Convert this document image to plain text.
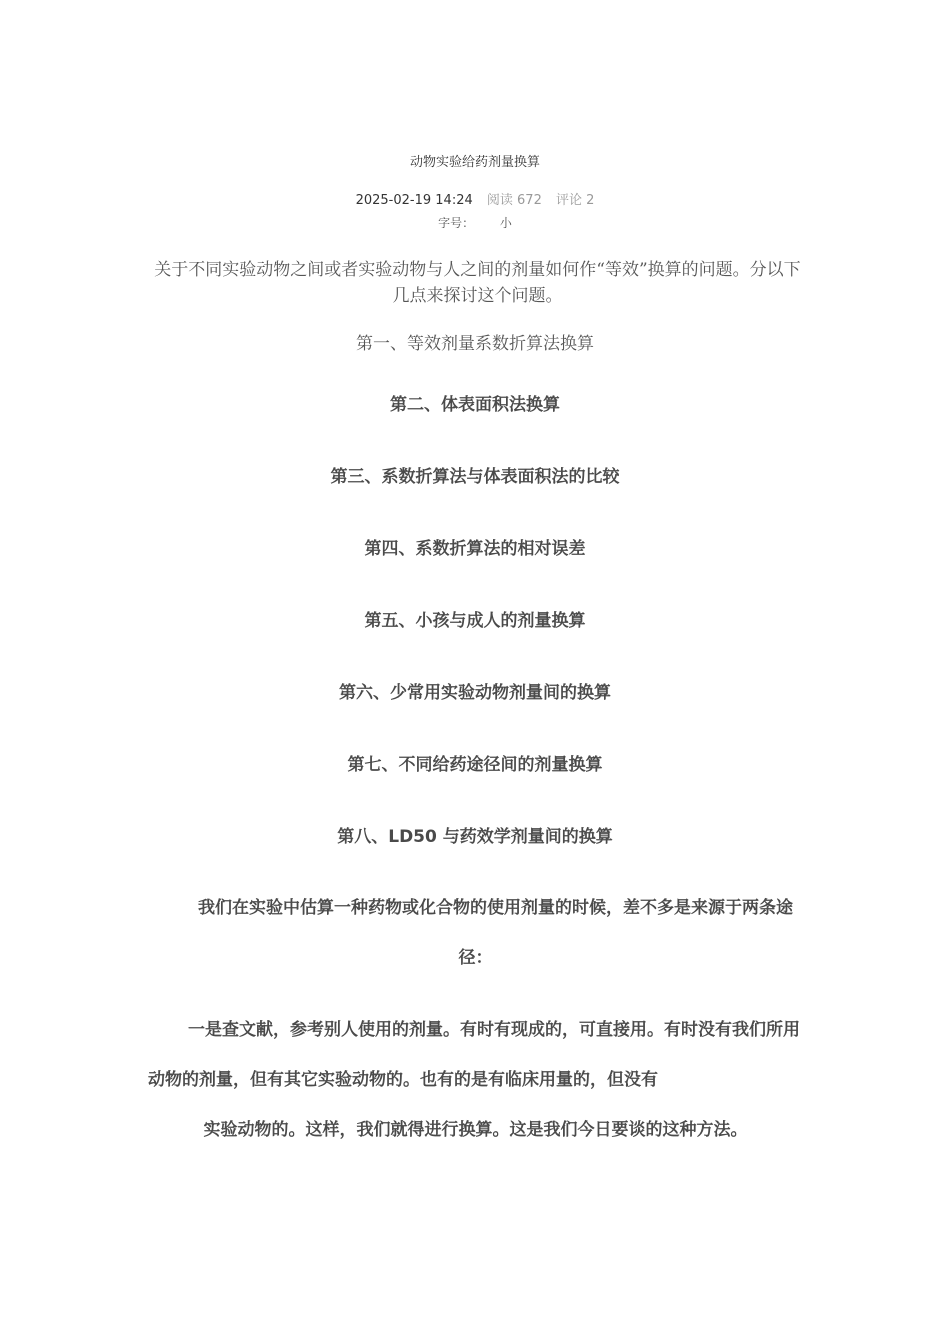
动物实验给药剂量换算
2025-02-19 14:24 阅读 672 评论 2
字号： 小
关于不同实验动物之间或者实验动物与人之间的剂量如何作“等效”换算的问题。分以下几点来探讨这个问题。
第一、等效剂量系数折算法换算
第二、体表面积法换算
第三、系数折算法与体表面积法的比较
第四、系数折算法的相对误差
第五、小孩与成人的剂量换算
第六、少常用实验动物剂量间的换算
第七、不同给药途径间的剂量换算
第八、LD50 与药效学剂量间的换算
我们在实验中估算一种药物或化合物的使用剂量的时候，差不多是来源于两条途径：
一是查文献，参考别人使用的剂量。有时有现成的，可直接用。有时没有我们所用动物的剂量，但有其它实验动物的。也有的是有临床用量的，但没有
实验动物的。这样，我们就得进行换算。这是我们今日要谈的这种方法。
